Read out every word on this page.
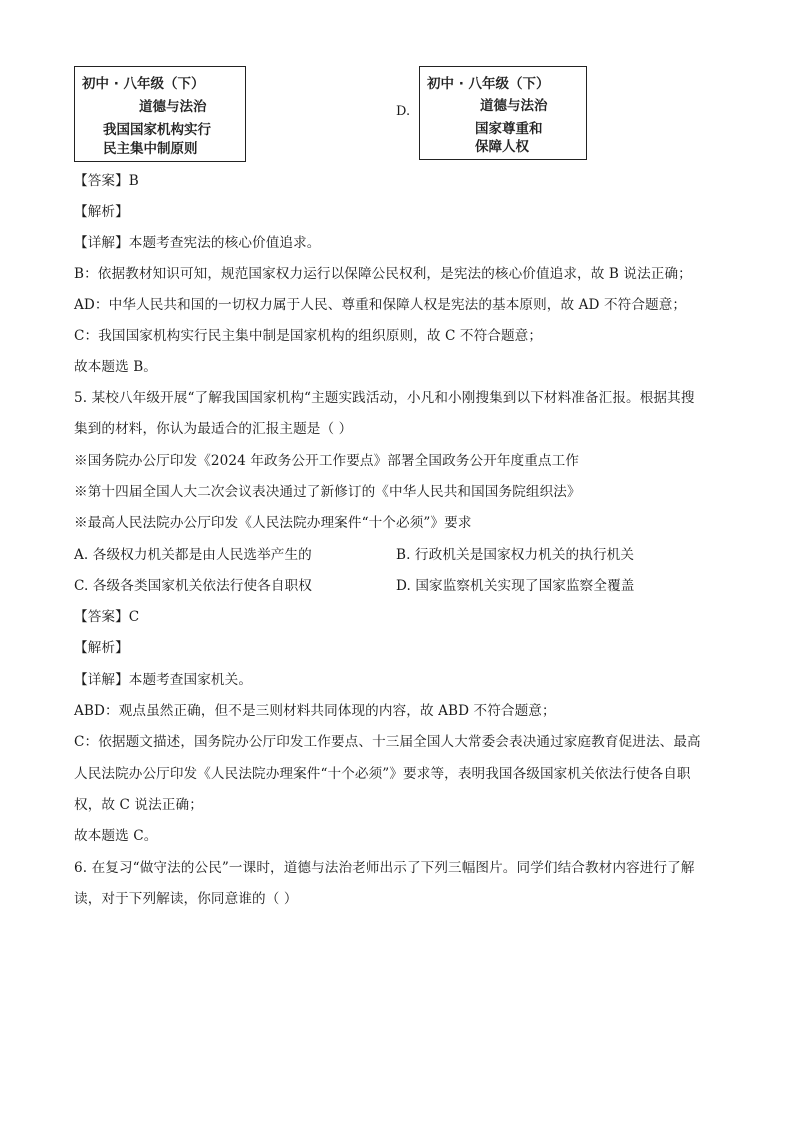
初中 · 八年级（下）
道德与法治
我国国家机构实行
民主集中制原则
D.
初中 · 八年级（下）
道德与法治
国家尊重和
保障人权
【答案】B
【解析】
【详解】本题考查宪法的核心价值追求。
B：依据教材知识可知，规范国家权力运行以保障公民权利，是宪法的核心价值追求，故 B 说法正确；
AD：中华人民共和国的一切权力属于人民、尊重和保障人权是宪法的基本原则，故 AD 不符合题意；
C：我国国家机构实行民主集中制是国家机构的组织原则，故 C 不符合题意；
故本题选 B。
5. 某校八年级开展“了解我国国家机构“主题实践活动，小凡和小刚搜集到以下材料准备汇报。根据其搜
集到的材料，你认为最适合的汇报主题是（ ）
※国务院办公厅印发《2024 年政务公开工作要点》部署全国政务公开年度重点工作
※第十四届全国人大二次会议表决通过了新修订的《中华人民共和国国务院组织法》
※最高人民法院办公厅印发《人民法院办理案件“十个必须”》要求
A. 各级权力机关都是由人民选举产生的	B. 行政机关是国家权力机关的执行机关
C. 各级各类国家机关依法行使各自职权	D. 国家监察机关实现了国家监察全覆盖
【答案】C
【解析】
【详解】本题考查国家机关。
ABD：观点虽然正确，但不是三则材料共同体现的内容，故 ABD 不符合题意；
C：依据题文描述，国务院办公厅印发工作要点、十三届全国人大常委会表决通过家庭教育促进法、最高
人民法院办公厅印发《人民法院办理案件“十个必须”》要求等，表明我国各级国家机关依法行使各自职
权，故 C 说法正确；
故本题选 C。
6. 在复习“做守法的公民”一课时，道德与法治老师出示了下列三幅图片。同学们结合教材内容进行了解
读，对于下列解读，你同意谁的（ ）
